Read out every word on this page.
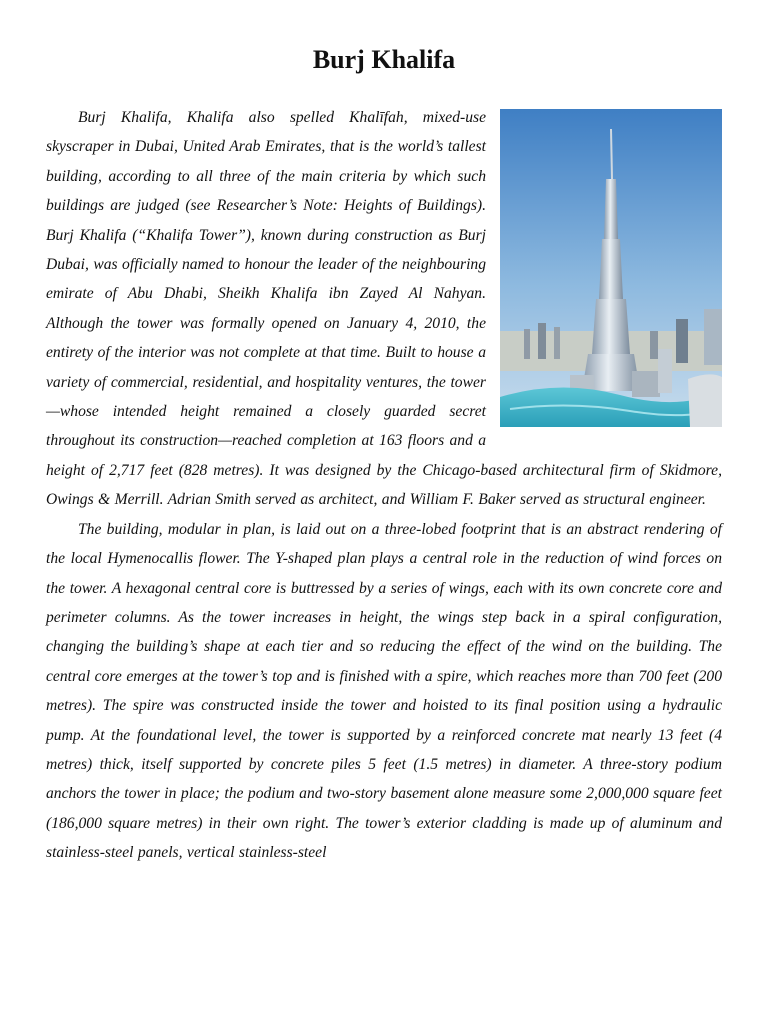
Burj Khalifa

Burj Khalifa, Khalifa also spelled Khalīfah, mixed-use skyscraper in Dubai, United Arab Emirates, that is the world’s tallest building, according to all three of the main criteria by which such buildings are judged (see Researcher’s Note: Heights of Buildings). Burj Khalifa (“Khalifa Tower”), known during construction as Burj Dubai, was officially named to honour the leader of the neighbouring emirate of Abu Dhabi, Sheikh Khalifa ibn Zayed Al Nahyan. Although the tower was formally opened on January 4, 2010, the entirety of the interior was not complete at that time. Built to house a variety of commercial, residential, and hospitality ventures, the tower—whose intended height remained a closely guarded secret throughout its construction—reached completion at 163 floors and a height of 2,717 feet (828 metres). It was designed by the Chicago-based architectural firm of Skidmore, Owings & Merrill. Adrian Smith served as architect, and William F. Baker served as structural engineer.

The building, modular in plan, is laid out on a three-lobed footprint that is an abstract rendering of the local Hymenocallis flower. The Y-shaped plan plays a central role in the reduction of wind forces on the tower. A hexagonal central core is buttressed by a series of wings, each with its own concrete core and perimeter columns. As the tower increases in height, the wings step back in a spiral configuration, changing the building’s shape at each tier and so reducing the effect of the wind on the building. The central core emerges at the tower’s top and is finished with a spire, which reaches more than 700 feet (200 metres). The spire was constructed inside the tower and hoisted to its final position using a hydraulic pump. At the foundational level, the tower is supported by a reinforced concrete mat nearly 13 feet (4 metres) thick, itself supported by concrete piles 5 feet (1.5 metres) in diameter. A three-story podium anchors the tower in place; the podium and two-story basement alone measure some 2,000,000 square feet (186,000 square metres) in their own right. The tower’s exterior cladding is made up of aluminum and stainless-steel panels, vertical stainless-steel
